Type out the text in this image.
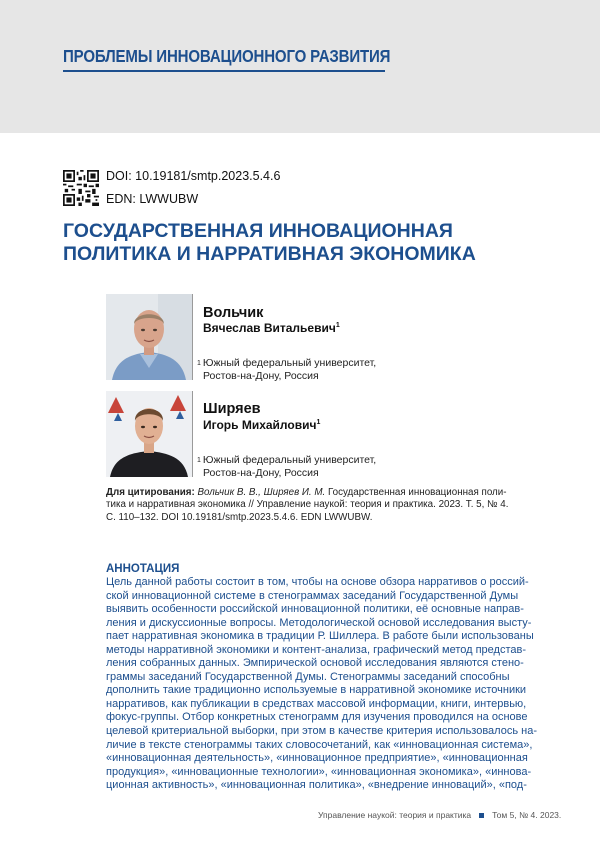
ПРОБЛЕМЫ ИННОВАЦИОННОГО РАЗВИТИЯ
DOI: 10.19181/smtp.2023.5.4.6
EDN: LWWUBW
ГОСУДАРСТВЕННАЯ ИННОВАЦИОННАЯ
ПОЛИТИКА И НАРРАТИВНАЯ ЭКОНОМИКА
Вольчик
Вячеслав Витальевич$^1$
$^1$ Южный федеральный университет,
Ростов-на-Дону, Россия
Ширяев
Игорь Михайлович$^1$
$^1$ Южный федеральный университет,
Ростов-на-Дону, Россия
Для цитирования: Вольчик В. В., Ширяев И. М. Государственная инновационная поли-
тика и нарративная экономика // Управление наукой: теория и практика. 2023. Т. 5, № 4.
С. 110–132. DOI 10.19181/smtp.2023.5.4.6. EDN LWWUBW.
АННОТАЦИЯ
Цель данной работы состоит в том, чтобы на основе обзора нарративов о россий-
ской инновационной системе в стенограммах заседаний Государственной Думы
выявить особенности российской инновационной политики, её основные направ-
ления и дискуссионные вопросы. Методологической основой исследования высту-
пает нарративная экономика в традиции Р. Шиллера. В работе были использованы
методы нарративной экономики и контент-анализа, графический метод представ-
ления собранных данных. Эмпирической основой исследования являются стено-
граммы заседаний Государственной Думы. Стенограммы заседаний способны
дополнить такие традиционно используемые в нарративной экономике источники
нарративов, как публикации в средствах массовой информации, книги, интервью,
фокус-группы. Отбор конкретных стенограмм для изучения проводился на основе
целевой критериальной выборки, при этом в качестве критерия использовалось на-
личие в тексте стенограммы таких словосочетаний, как «инновационная система»,
«инновационная деятельность», «инновационное предприятие», «инновационная
продукция», «инновационные технологии», «инновационная экономика», «иннова-
ционная активность», «инновационная политика», «внедрение инноваций», «под-
Управление наукой: теория и практика Том 5, № 4. 2023.
